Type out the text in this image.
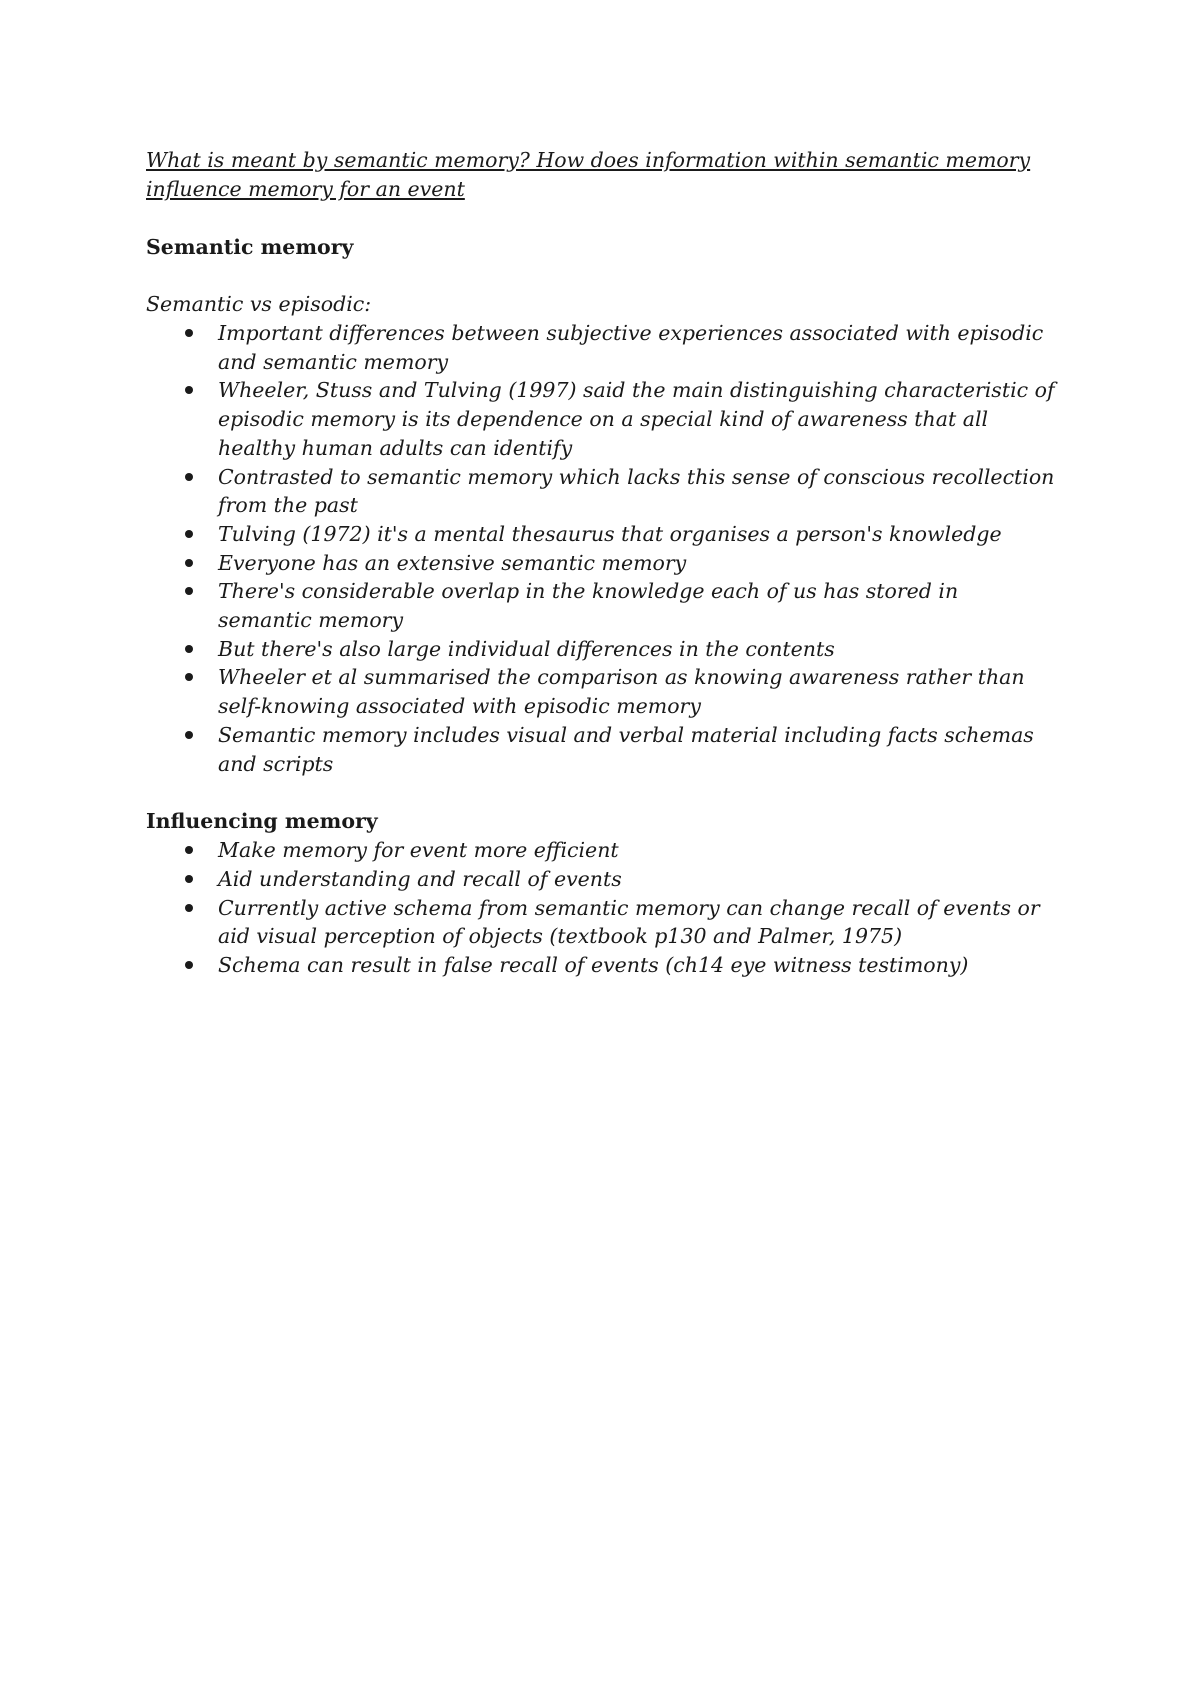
What is meant by semantic memory? How does information within semantic memory influence memory for an event

Semantic memory

Semantic vs episodic:

Important differences between subjective experiences associated with episodic and semantic memory
Wheeler, Stuss and Tulving (1997) said the main distinguishing characteristic of episodic memory is its dependence on a special kind of awareness that all healthy human adults can identify
Contrasted to semantic memory which lacks this sense of conscious recollection from the past
Tulving (1972) it's a mental thesaurus that organises a person's knowledge
Everyone has an extensive semantic memory
There's considerable overlap in the knowledge each of us has stored in semantic memory
But there's also large individual differences in the contents
Wheeler et al summarised the comparison as knowing awareness rather than self-knowing associated with episodic memory
Semantic memory includes visual and verbal material including facts schemas and scripts

Influencing memory

Make memory for event more efficient
Aid understanding and recall of events
Currently active schema from semantic memory can change recall of events or aid visual perception of objects (textbook p130 and Palmer, 1975)
Schema can result in false recall of events (ch14 eye witness testimony)
